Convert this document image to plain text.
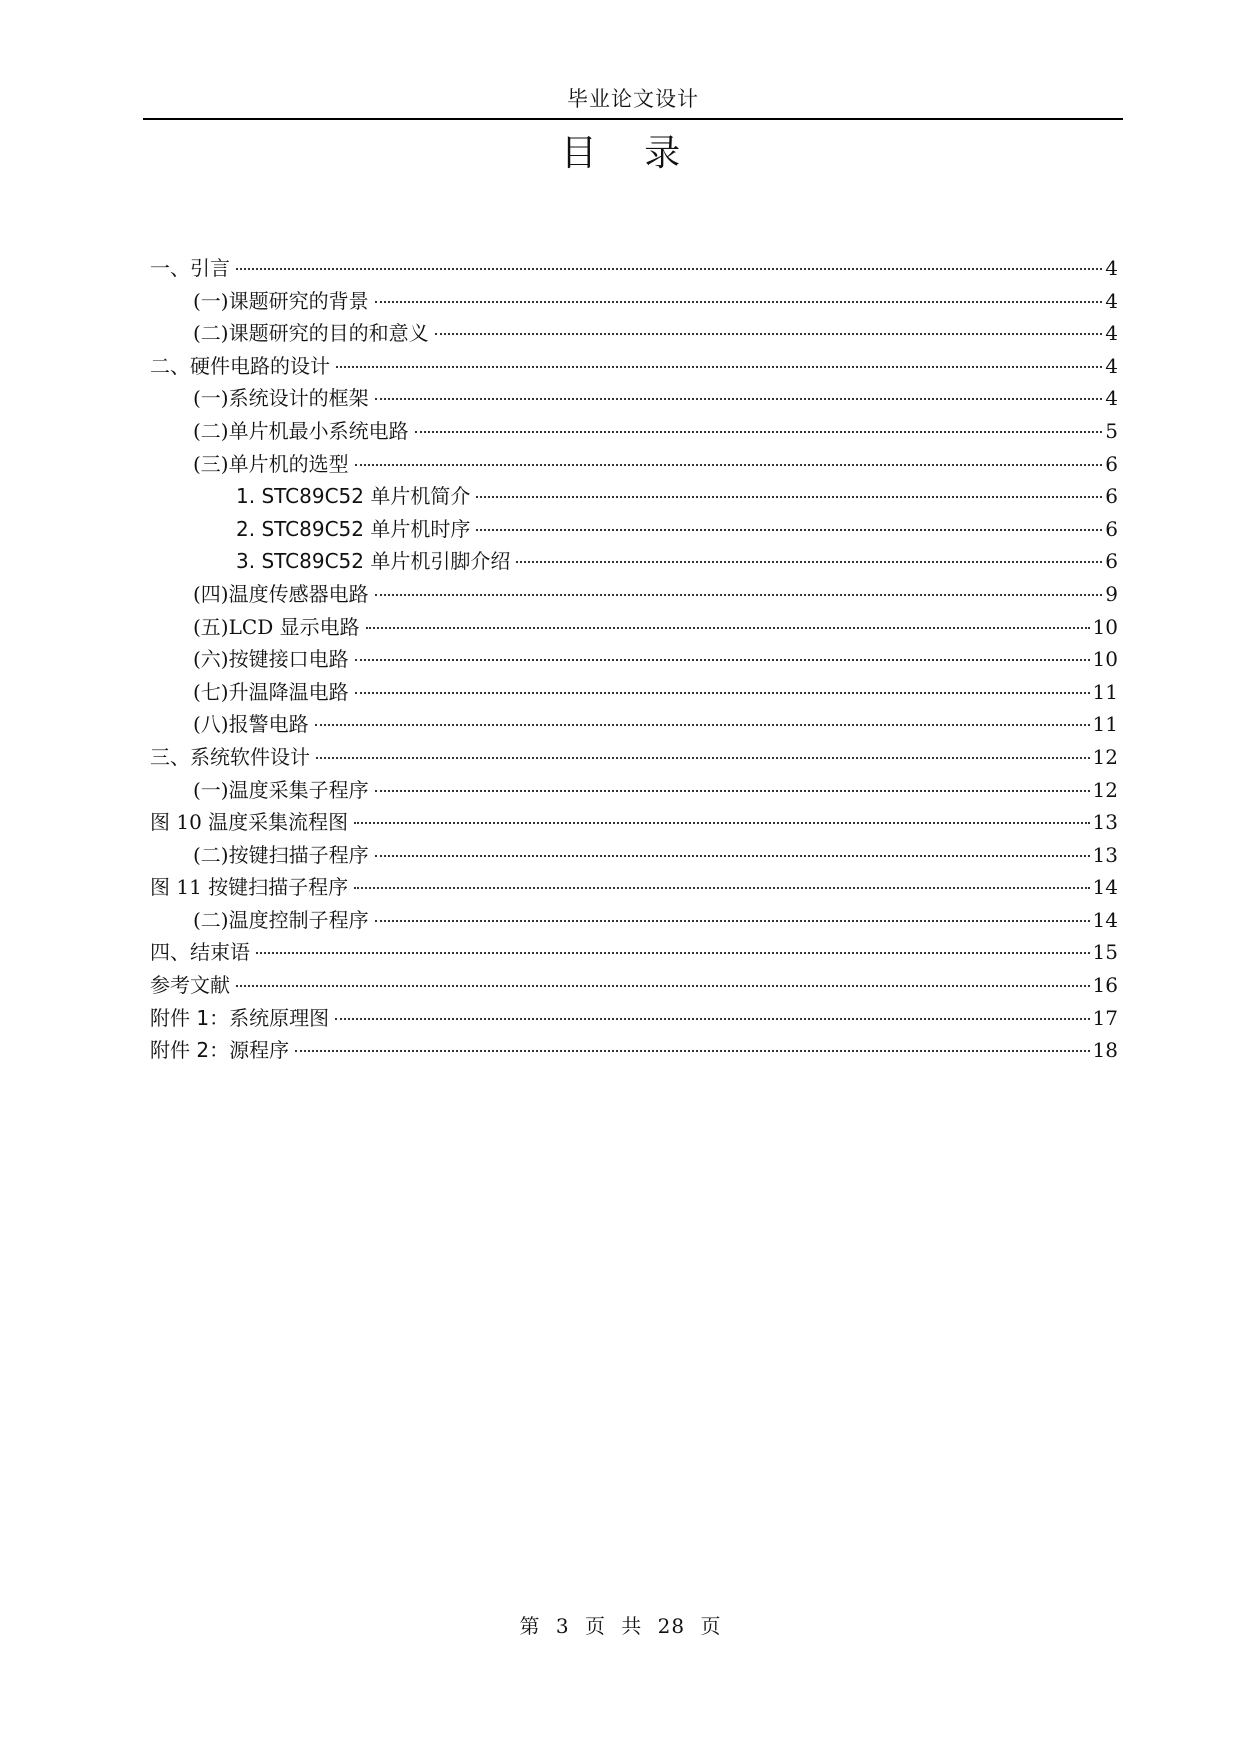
毕业论文设计
目 录
一、引言	4
(一)课题研究的背景	4
(二)课题研究的目的和意义	4
二、硬件电路的设计	4
(一)系统设计的框架	4
(二)单片机最小系统电路	5
(三)单片机的选型	6
1. STC89C52 单片机简介	6
2. STC89C52 单片机时序	6
3. STC89C52 单片机引脚介绍	6
(四)温度传感器电路	9
(五)LCD 显示电路	10
(六)按键接口电路	10
(七)升温降温电路	11
(八)报警电路	11
三、系统软件设计	12
(一)温度采集子程序	12
图 10 温度采集流程图	13
(二)按键扫描子程序	13
图 11 按键扫描子程序	14
(二)温度控制子程序	14
四、结束语	15
参考文献	16
附件 1：系统原理图	17
附件 2：源程序	18
第 3 页 共 28 页
